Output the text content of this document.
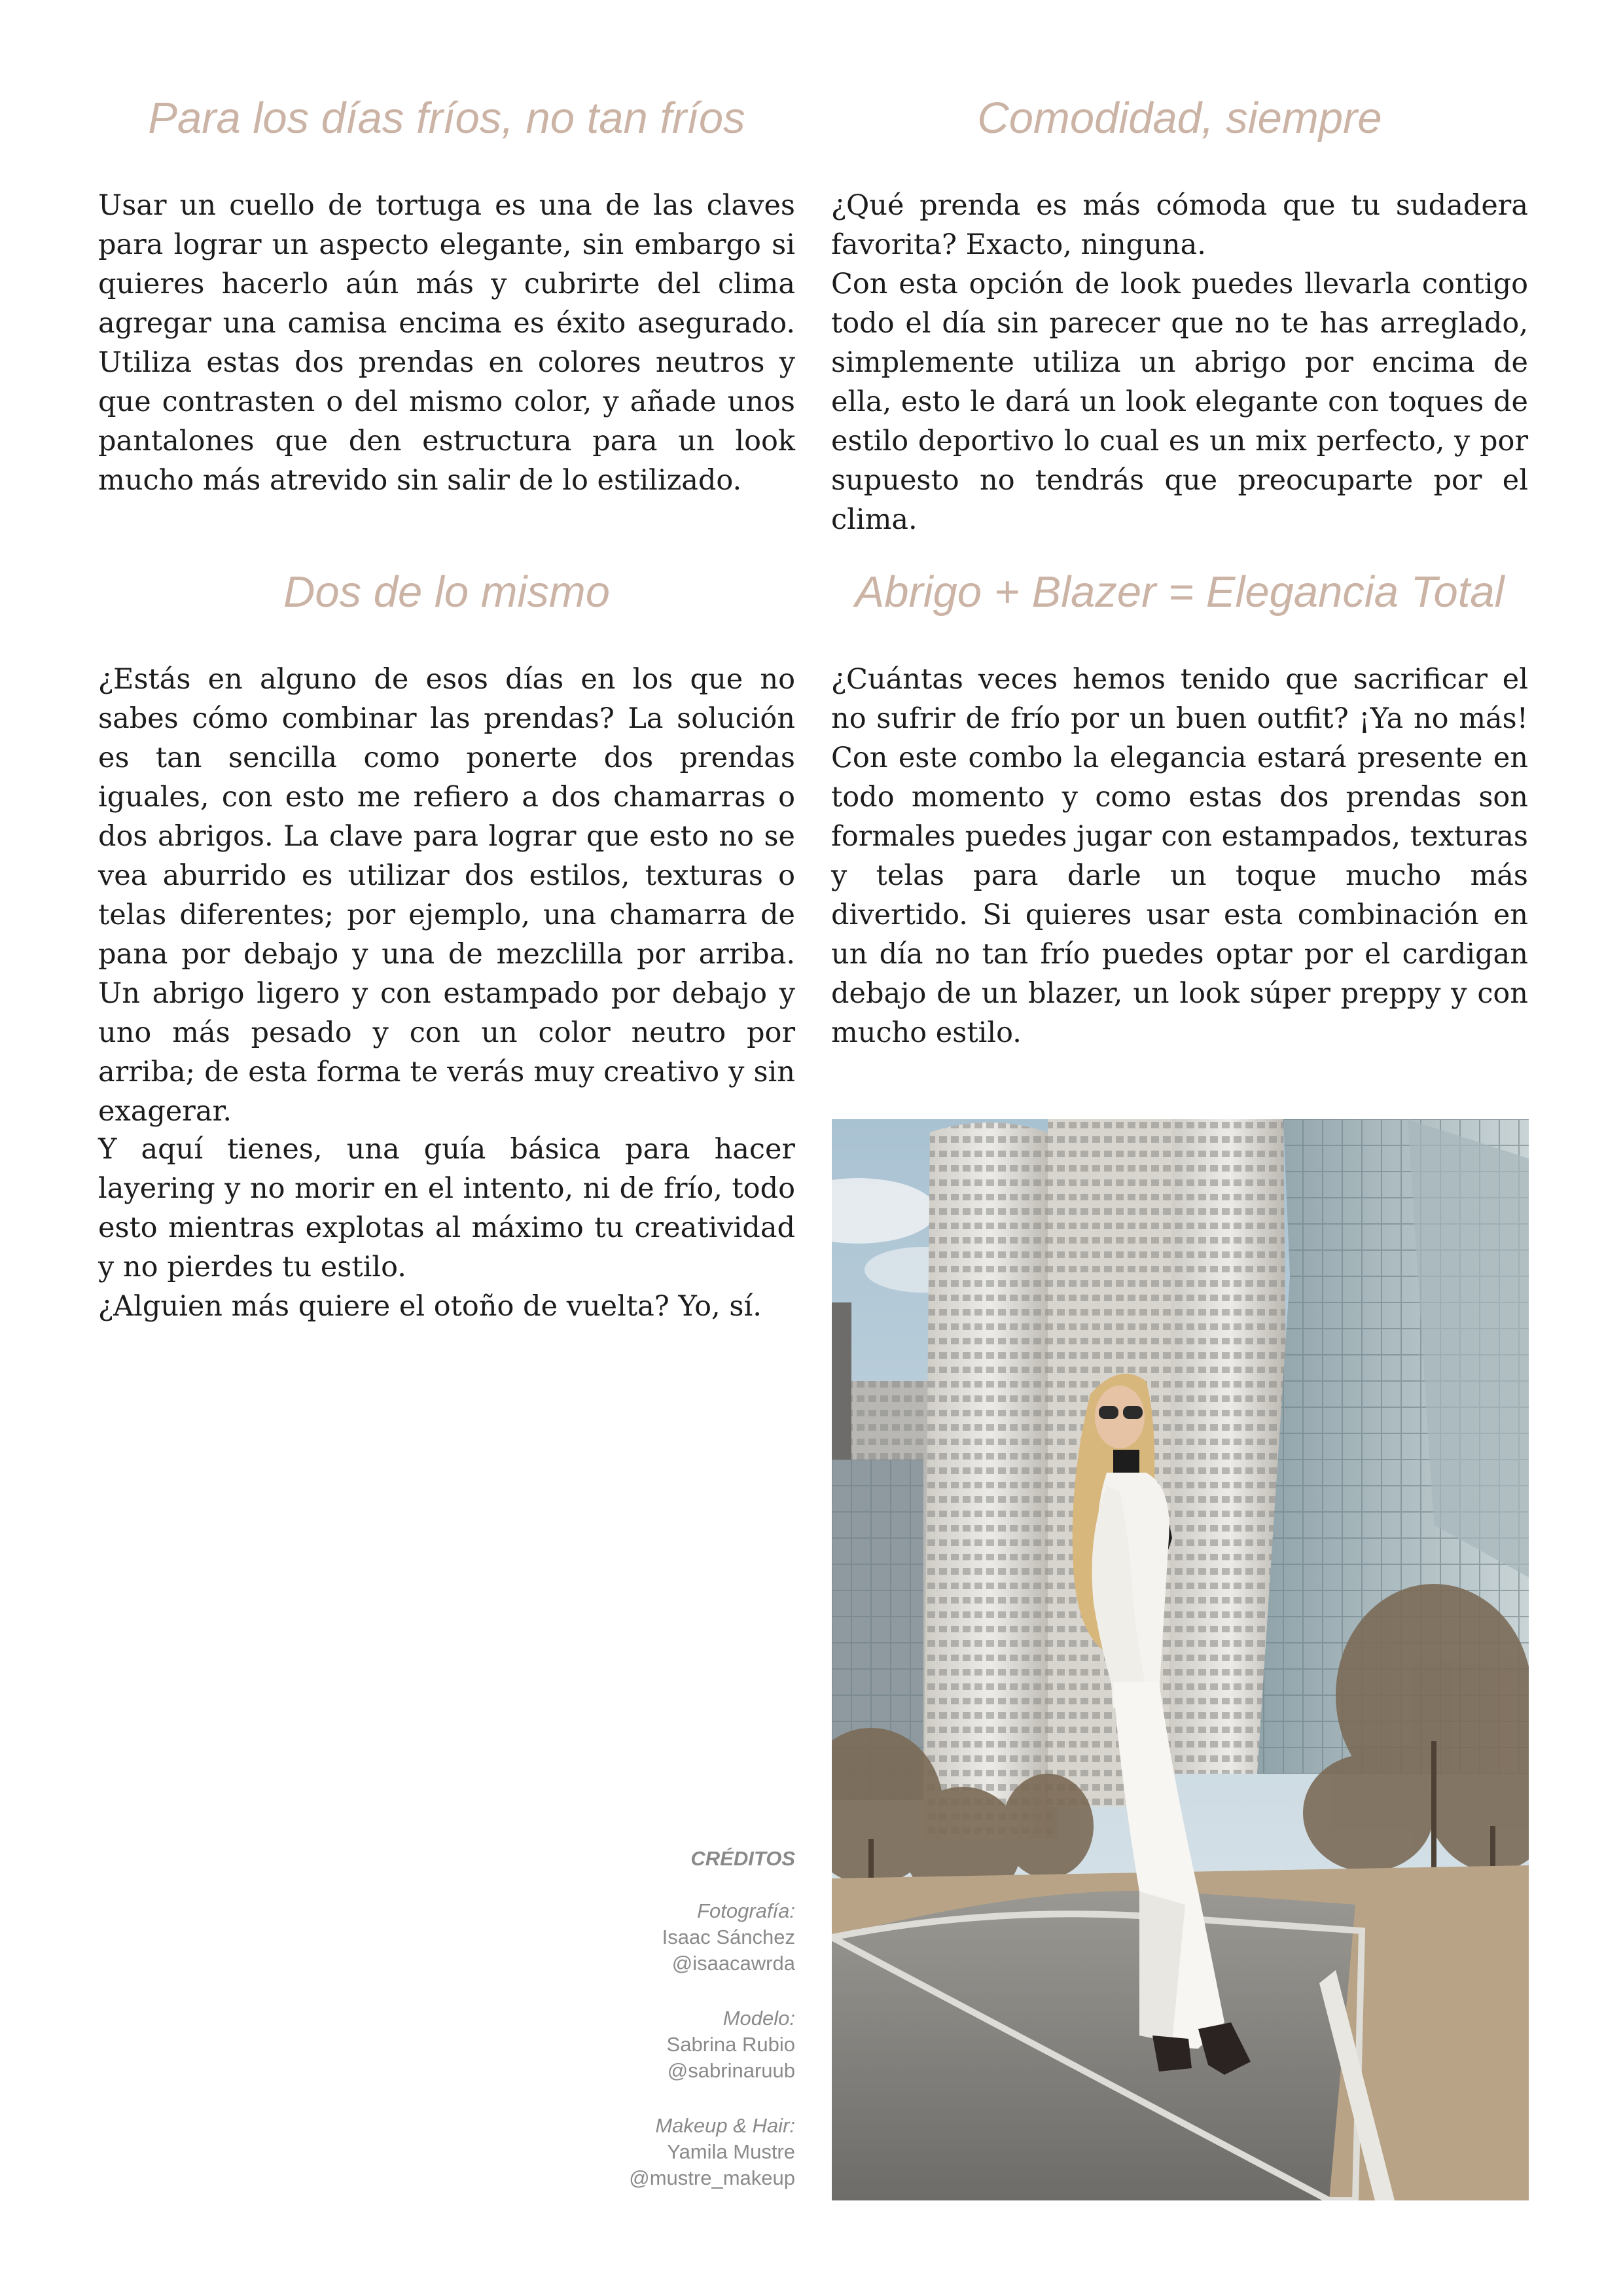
Para los días fríos, no tan fríos

Usar un cuello de tortuga es una de las claves para lograr un aspecto elegante, sin embargo si quieres hacerlo aún más y cubrirte del clima agregar una camisa encima es éxito asegurado. Utiliza estas dos prendas en colores neutros y que contrasten o del mismo color, y añade unos pantalones que den estructura para un look mucho más atrevido sin salir de lo estilizado.

Comodidad, siempre

¿Qué prenda es más cómoda que tu sudadera favorita? Exacto, ninguna.

Con esta opción de look puedes llevarla contigo todo el día sin parecer que no te has arreglado, simplemente utiliza un abrigo por encima de ella, esto le dará un look elegante con toques de estilo deportivo lo cual es un mix perfecto, y por supuesto no tendrás que preocuparte por el clima.

Dos de lo mismo

¿Estás en alguno de esos días en los que no sabes cómo combinar las prendas? La solución es tan sencilla como ponerte dos prendas iguales, con esto me refiero a dos chamarras o dos abrigos. La clave para lograr que esto no se vea aburrido es utilizar dos estilos, texturas o telas diferentes; por ejemplo, una chamarra de pana por debajo y una de mezclilla por arriba. Un abrigo ligero y con estampado por debajo y uno más pesado y con un color neutro por arriba; de esta forma te verás muy creativo y sin exagerar.

Abrigo + Blazer = Elegancia Total

¿Cuántas veces hemos tenido que sacrificar el no sufrir de frío por un buen outfit? ¡Ya no más! Con este combo la elegancia estará presente en todo momento y como estas dos prendas son formales puedes jugar con estampados, texturas y telas para darle un toque mucho más divertido. Si quieres usar esta combinación en un día no tan frío puedes optar por el cardigan debajo de un blazer, un look súper preppy y con mucho estilo.

Y aquí tienes, una guía básica para hacer layering y no morir en el intento, ni de frío, todo esto mientras explotas al máximo tu creatividad y no pierdes tu estilo.

¿Alguien más quiere el otoño de vuelta? Yo, sí.

CRÉDITOS
Fotografía:
Isaac Sánchez
@isaacawrda
Modelo:
Sabrina Rubio
@sabrinaruub
Makeup & Hair:
Yamila Mustre
@mustre_makeup
